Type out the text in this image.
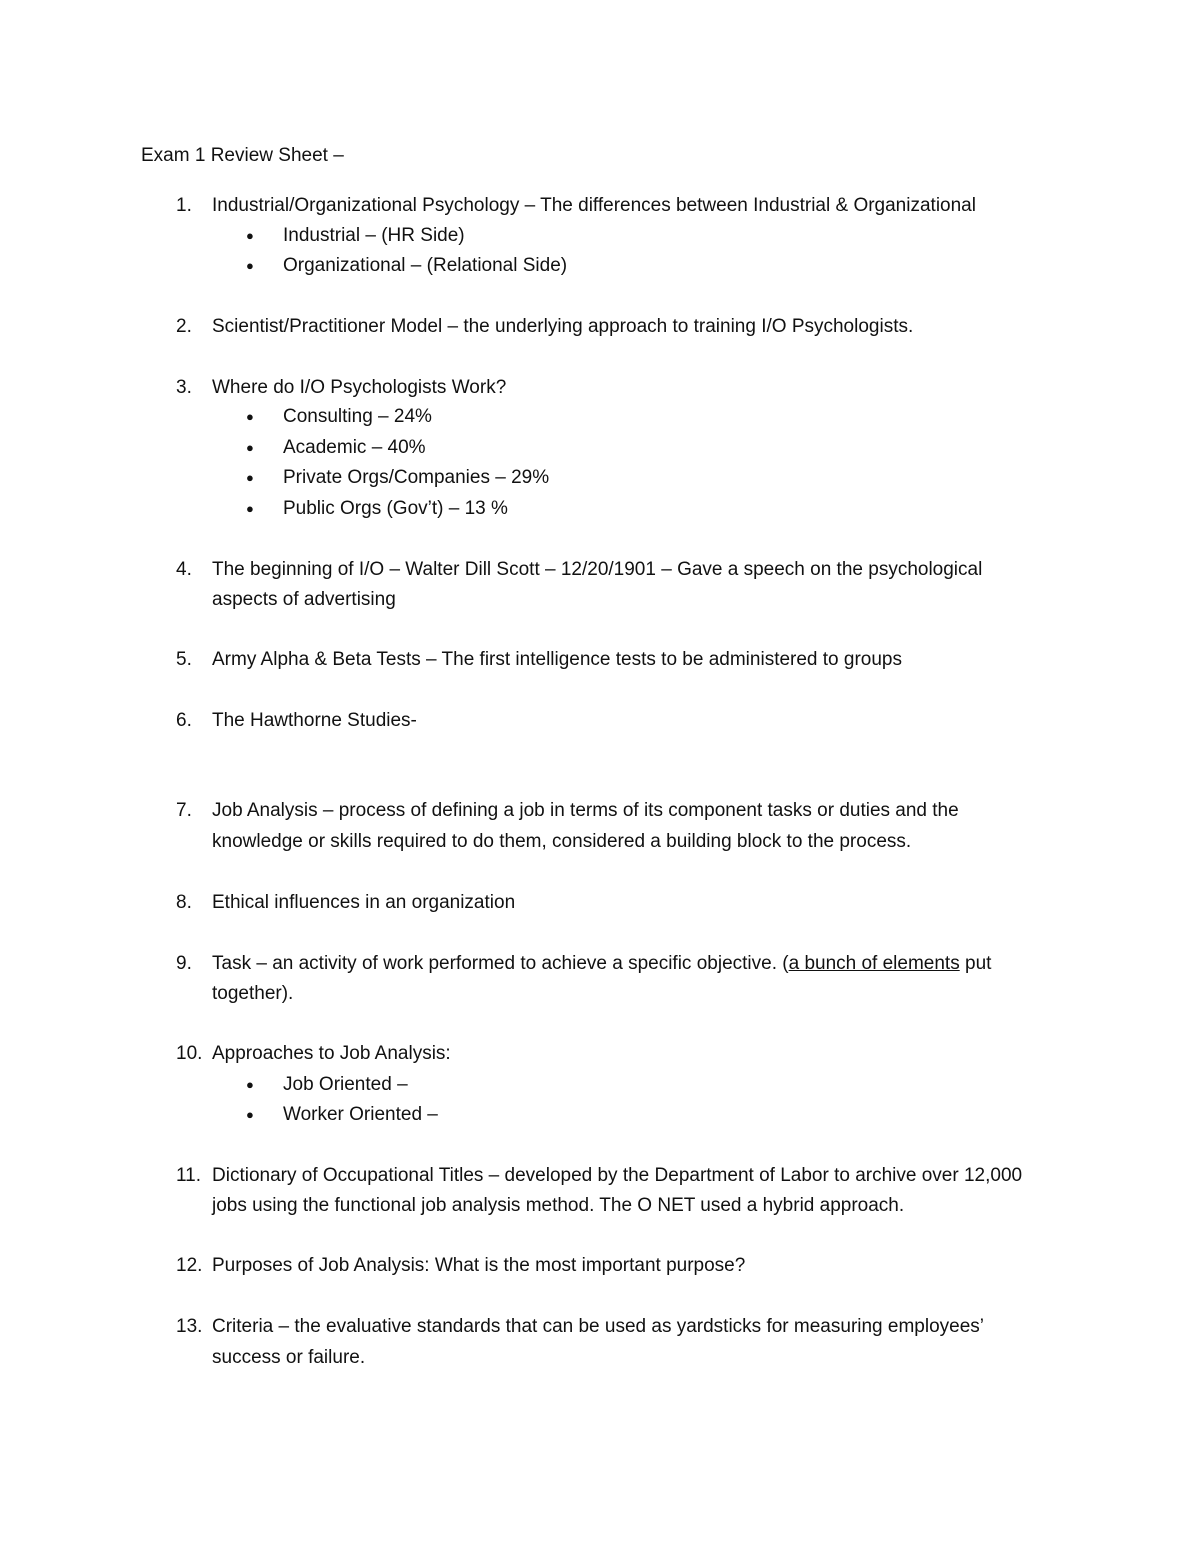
Exam 1 Review Sheet –
1.	Industrial/Organizational Psychology – The differences between Industrial & Organizational
● Industrial – (HR Side)
● Organizational – (Relational Side)
2.	Scientist/Practitioner Model – the underlying approach to training I/O Psychologists.
3.	Where do I/O Psychologists Work?
● Consulting – 24%
● Academic – 40%
● Private Orgs/Companies – 29%
● Public Orgs (Gov’t) – 13 %
4.	The beginning of I/O – Walter Dill Scott – 12/20/1901 – Gave a speech on the psychological
aspects of advertising
5.	Army Alpha & Beta Tests – The first intelligence tests to be administered to groups
6.	The Hawthorne Studies-
7.	Job Analysis – process of defining a job in terms of its component tasks or duties and the
knowledge or skills required to do them, considered a building block to the process.
8.	Ethical influences in an organization
9.	Task – an activity of work performed to achieve a specific objective. (a bunch of elements put
together).
10. Approaches to Job Analysis:
● Job Oriented –
● Worker Oriented –
11. Dictionary of Occupational Titles – developed by the Department of Labor to archive over 12,000
jobs using the functional job analysis method. The O NET used a hybrid approach.
12. Purposes of Job Analysis: What is the most important purpose?
13. Criteria – the evaluative standards that can be used as yardsticks for measuring employees’
success or failure.
